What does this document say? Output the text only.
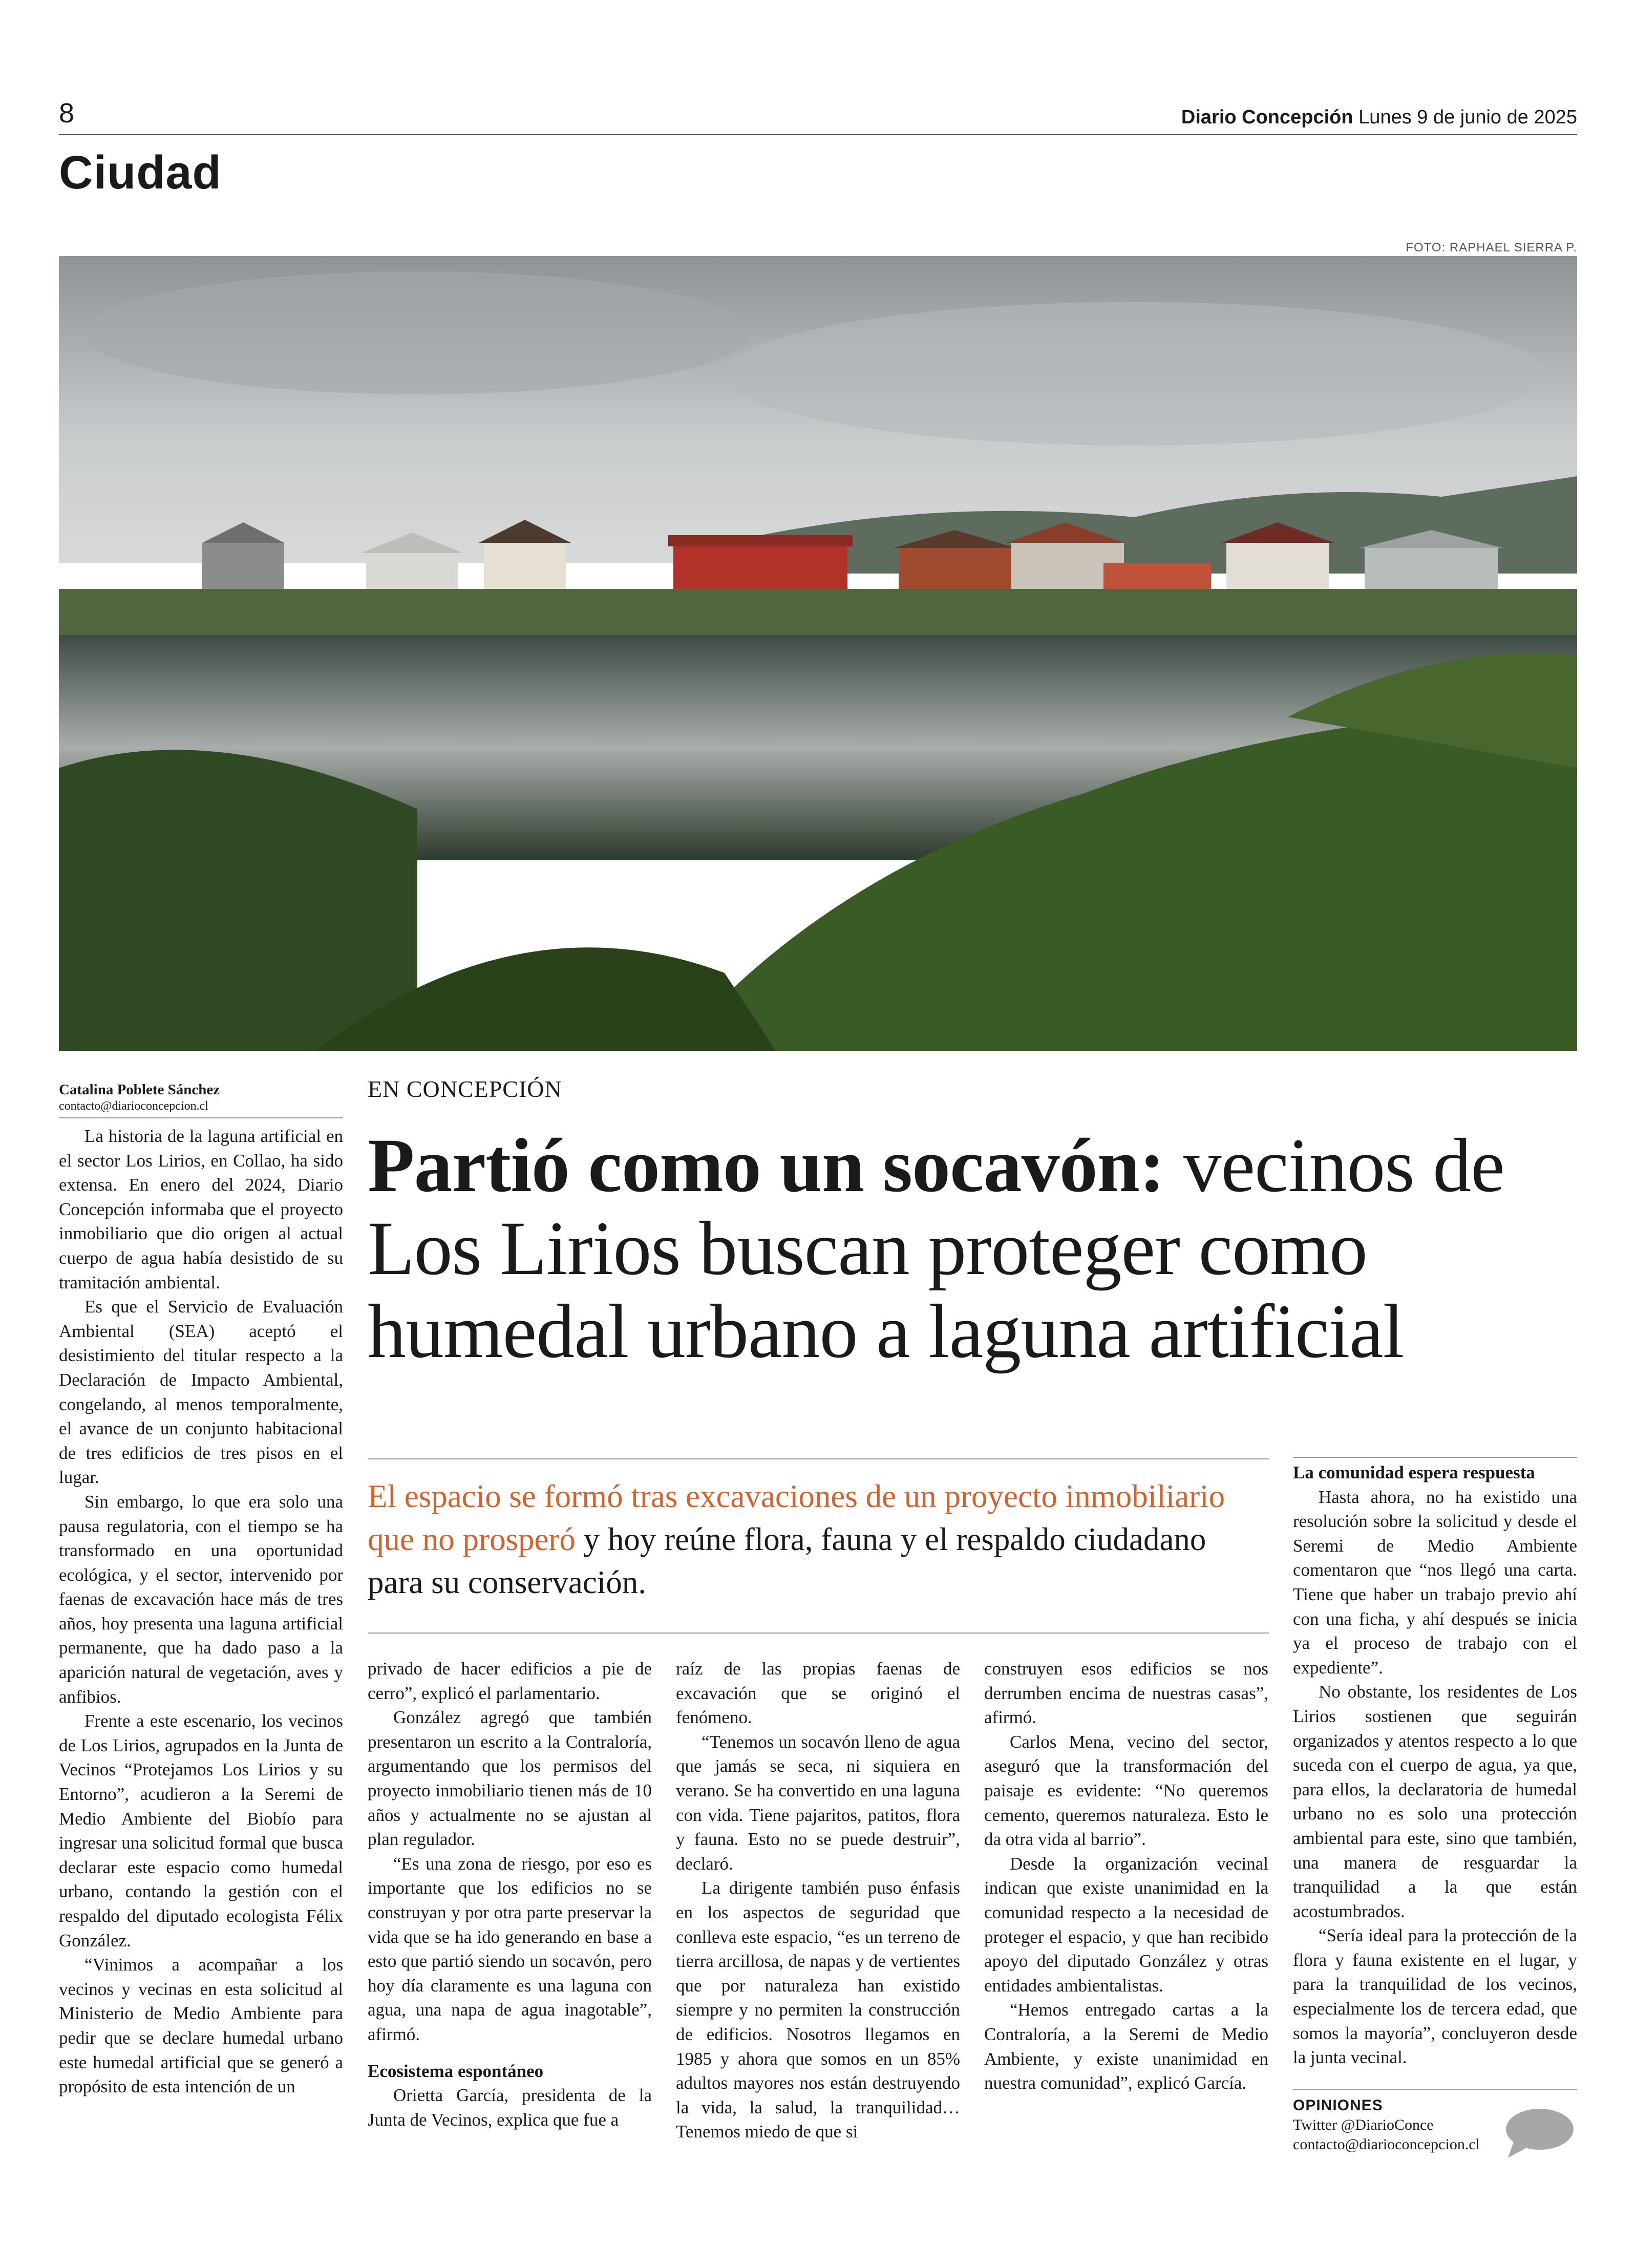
8	Diario Concepción Lunes 9 de junio de 2025
Ciudad
FOTO: RAPHAEL SIERRA P.
Catalina Poblete Sánchez
contacto@diarioconcepcion.cl
EN CONCEPCIÓN
Partió como un socavón: vecinos de Los Lirios buscan proteger como humedal urbano a laguna artificial
El espacio se formó tras excavaciones de un proyecto inmobiliario que no prosperó y hoy reúne flora, fauna y el respaldo ciudadano para su conservación.

La historia de la laguna artificial en el sector Los Lirios, en Collao, ha sido extensa. En enero del 2024, Diario Concepción informaba que el proyecto inmobiliario que dio origen al actual cuerpo de agua había desistido de su tramitación ambiental.

Es que el Servicio de Evaluación Ambiental (SEA) aceptó el desistimiento del titular respecto a la Declaración de Impacto Ambiental, congelando, al menos temporalmente, el avance de un conjunto habitacional de tres edificios de tres pisos en el lugar.

Sin embargo, lo que era solo una pausa regulatoria, con el tiempo se ha transformado en una oportunidad ecológica, y el sector, intervenido por faenas de excavación hace más de tres años, hoy presenta una laguna artificial permanente, que ha dado paso a la aparición natural de vegetación, aves y anfibios.

Frente a este escenario, los vecinos de Los Lirios, agrupados en la Junta de Vecinos “Protejamos Los Lirios y su Entorno”, acudieron a la Seremi de Medio Ambiente del Biobío para ingresar una solicitud formal que busca declarar este espacio como humedal urbano, contando la gestión con el respaldo del diputado ecologista Félix González.

“Vinimos a acompañar a los vecinos y vecinas en esta solicitud al Ministerio de Medio Ambiente para pedir que se declare humedal urbano este humedal artificial que se generó a propósito de esta intención de un

privado de hacer edificios a pie de cerro”, explicó el parlamentario.

González agregó que también presentaron un escrito a la Contraloría, argumentando que los permisos del proyecto inmobiliario tienen más de 10 años y actualmente no se ajustan al plan regulador.

“Es una zona de riesgo, por eso es importante que los edificios no se construyan y por otra parte preservar la vida que se ha ido generando en base a esto que partió siendo un socavón, pero hoy día claramente es una laguna con agua, una napa de agua inagotable”, afirmó.

Ecosistema espontáneo

Orietta García, presidenta de la Junta de Vecinos, explica que fue a

raíz de las propias faenas de excavación que se originó el fenómeno.

“Tenemos un socavón lleno de agua que jamás se seca, ni siquiera en verano. Se ha convertido en una laguna con vida. Tiene pajaritos, patitos, flora y fauna. Esto no se puede destruir”, declaró.

La dirigente también puso énfasis en los aspectos de seguridad que conlleva este espacio, “es un terreno de tierra arcillosa, de napas y de vertientes que por naturaleza han existido siempre y no permiten la construcción de edificios. Nosotros llegamos en 1985 y ahora que somos en un 85% adultos mayores nos están destruyendo la vida, la salud, la tranquilidad… Tenemos miedo de que si

construyen esos edificios se nos derrumben encima de nuestras casas”, afirmó.

Carlos Mena, vecino del sector, aseguró que la transformación del paisaje es evidente: “No queremos cemento, queremos naturaleza. Esto le da otra vida al barrio”.

Desde la organización vecinal indican que existe unanimidad en la comunidad respecto a la necesidad de proteger el espacio, y que han recibido apoyo del diputado González y otras entidades ambientalistas.

“Hemos entregado cartas a la Contraloría, a la Seremi de Medio Ambiente, y existe unanimidad en nuestra comunidad”, explicó García.

La comunidad espera respuesta

Hasta ahora, no ha existido una resolución sobre la solicitud y desde el Seremi de Medio Ambiente comentaron que “nos llegó una carta. Tiene que haber un trabajo previo ahí con una ficha, y ahí después se inicia ya el proceso de trabajo con el expediente”.

No obstante, los residentes de Los Lirios sostienen que seguirán organizados y atentos respecto a lo que suceda con el cuerpo de agua, ya que, para ellos, la declaratoria de humedal urbano no es solo una protección ambiental para este, sino que también, una manera de resguardar la tranquilidad a la que están acostumbrados.

“Sería ideal para la protección de la flora y fauna existente en el lugar, y para la tranquilidad de los vecinos, especialmente los de tercera edad, que somos la mayoría”, concluyeron desde la junta vecinal.

OPINIONES
Twitter @DiarioConce
contacto@diarioconcepcion.cl
